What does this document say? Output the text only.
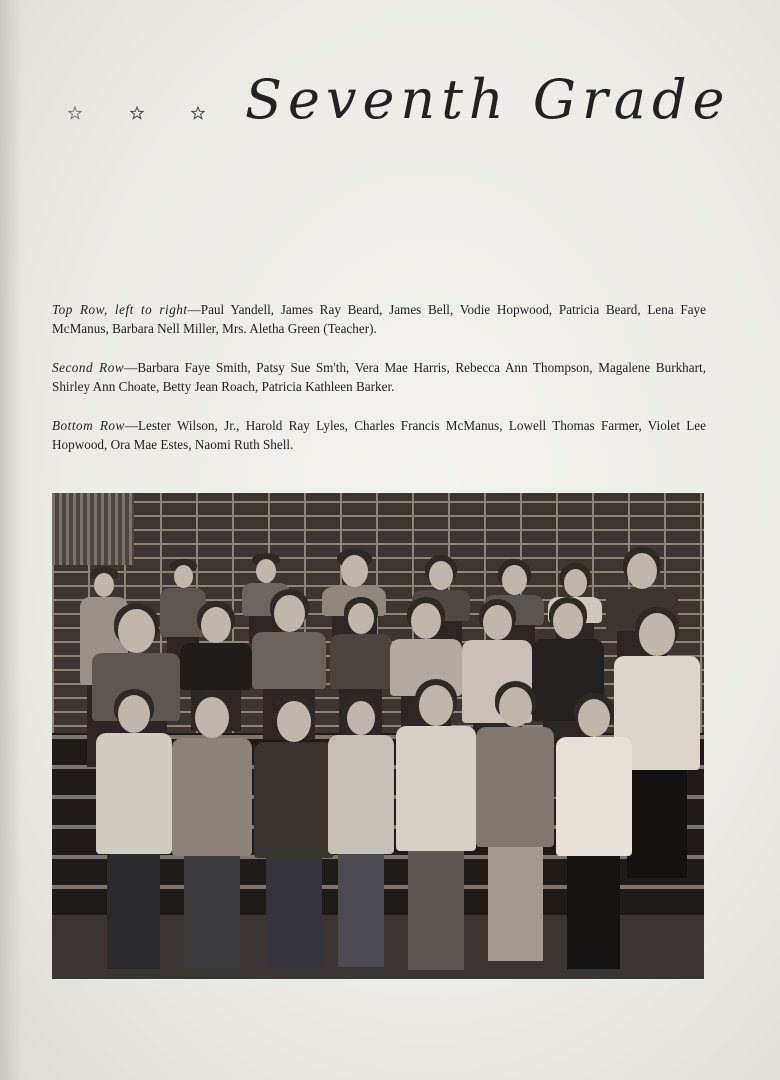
Seventh Grade

Top Row, left to right—Paul Yandell, James Ray Beard, James Bell, Vodie Hopwood, Patricia Beard, Lena Faye McManus, Barbara Nell Miller, Mrs. Aletha Green (Teacher).

Second Row—Barbara Faye Smith, Patsy Sue Sm'th, Vera Mae Harris, Rebecca Ann Thompson, Magalene Burkhart, Shirley Ann Choate, Betty Jean Roach, Patricia Kathleen Barker.

Bottom Row—Lester Wilson, Jr., Harold Ray Lyles, Charles Francis McManus, Lowell Thomas Farmer, Violet Lee Hopwood, Ora Mae Estes, Naomi Ruth Shell.
